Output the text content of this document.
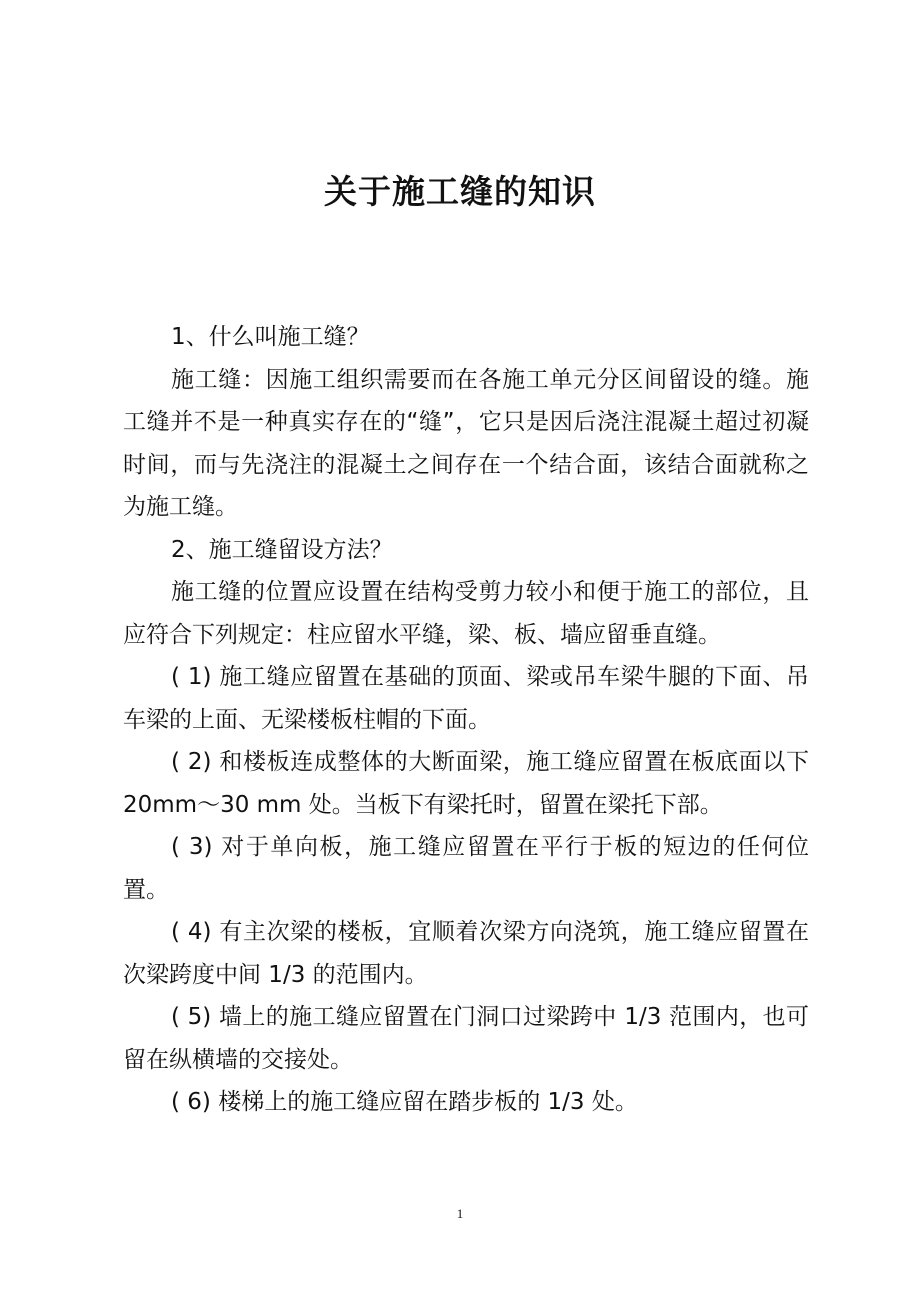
关于施工缝的知识

1、什么叫施工缝？

施工缝：因施工组织需要而在各施工单元分区间留设的缝。施工缝并不是一种真实存在的“缝”，它只是因后浇注混凝土超过初凝时间，而与先浇注的混凝土之间存在一个结合面，该结合面就称之为施工缝。

2、施工缝留设方法？

施工缝的位置应设置在结构受剪力较小和便于施工的部位，且应符合下列规定：柱应留水平缝，梁、板、墙应留垂直缝。

( 1) 施工缝应留置在基础的顶面、梁或吊车梁牛腿的下面、吊车梁的上面、无梁楼板柱帽的下面。

( 2) 和楼板连成整体的大断面梁，施工缝应留置在板底面以下 20mm～30 mm 处。当板下有梁托时，留置在梁托下部。

( 3) 对于单向板，施工缝应留置在平行于板的短边的任何位置。

( 4) 有主次梁的楼板，宜顺着次梁方向浇筑，施工缝应留置在次梁跨度中间 1/3 的范围内。

( 5) 墙上的施工缝应留置在门洞口过梁跨中 1/3 范围内，也可留在纵横墙的交接处。

( 6) 楼梯上的施工缝应留在踏步板的 1/3 处。

1
